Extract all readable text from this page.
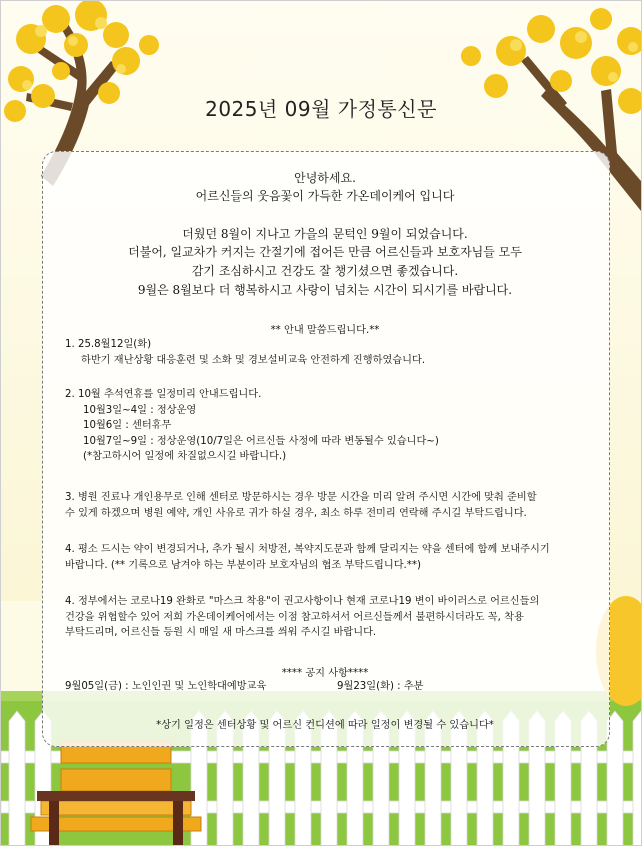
2025년 09월 가정통신문
안녕하세요.
어르신들의 웃음꽃이 가득한 가온데이케어 입니다
더웠던 8월이 지나고 가을의 문턱인 9월이 되었습니다.
더불어, 일교차가 커지는 간절기에 접어든 만큼 어르신들과 보호자님들 모두
감기 조심하시고 건강도 잘 챙기셨으면 좋겠습니다.
9월은 8월보다 더 행복하시고 사랑이 넘치는 시간이 되시기를 바랍니다.
** 안내 말씀드립니다.**
1. 25.8월12일(화)
하반기 재난상황 대응훈련 및 소화 및 경보설비교육 안전하게 진행하였습니다.
2. 10월 추석연휴를 일정미리 안내드립니다.
10월3일~4일 : 정상운영
10월6일 : 센터휴무
10월7일~9일 : 정상운영(10/7일은 어르신들 사정에 따라 변동될수 있습니다~)
(*참고하시어 일정에 차질없으시길 바랍니다.)
3. 병원 진료나 개인용무로 인해 센터로 방문하시는 경우 방문 시간을 미리 알려 주시면 시간에 맞춰 준비할
수 있게 하겠으며 병원 예약, 개인 사유로 귀가 하실 경우, 최소 하루 전미리 연락해 주시길 부탁드립니다.
4. 평소 드시는 약이 변경되거나, 추가 될시 처방전, 복약지도문과 함께 달리지는 약을 센터에 함께 보내주시기
바랍니다. (** 기록으로 남겨야 하는 부분이라 보호자님의 협조 부탁드립니다.**)
4. 정부에서는 코로나19 완화로 "마스크 착용"이 권고사항이나 현재 코로나19 변이 바이러스로 어르신들의
건강을 위협할수 있어 저희 가온데이케어에서는 이점 참고하셔서 어르신들께서 불편하시더라도 꼭, 착용
부탁드리며, 어르신들 등원 시 매일 새 마스크를 씌워 주시길 바랍니다.
**** 공지 사항****
9월05일(금) : 노인인권 및 노인학대예방교육	9월23일(화) : 추분
*상기 일정은 센터상황 및 어르신 컨디션에 따라 일정이 변경될 수 있습니다*
